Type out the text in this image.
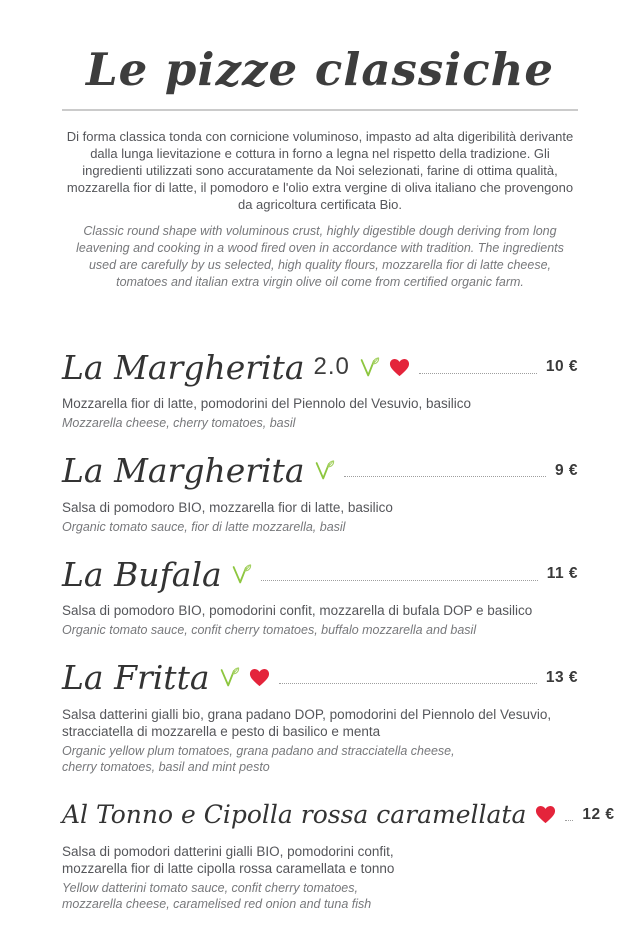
Le pizze classiche

Di forma classica tonda con cornicione voluminoso, impasto ad alta digeribilità derivante dalla lunga lievitazione e cottura in forno a legna nel rispetto della tradizione. Gli ingredienti utilizzati sono accuratamente da Noi selezionati, farine di ottima qualità, mozzarella fior di latte, il pomodoro e l'olio extra vergine di oliva italiano che provengono da agricoltura certificata Bio.

Classic round shape with voluminous crust, highly digestible dough deriving from long leavening and cooking in a wood fired oven in accordance with tradition. The ingredients used are carefully by us selected, high quality flours, mozzarella fior di latte cheese, tomatoes and italian extra virgin olive oil come from certified organic farm.

La Margherita 2.0	10 €
Mozzarella fior di latte, pomodorini del Piennolo del Vesuvio, basilico
Mozzarella cheese, cherry tomatoes, basil
La Margherita	9 €
Salsa di pomodoro BIO, mozzarella fior di latte, basilico
Organic tomato sauce, fior di latte mozzarella, basil
La Bufala	11 €
Salsa di pomodoro BIO, pomodorini confit, mozzarella di bufala DOP e basilico
Organic tomato sauce, confit cherry tomatoes, buffalo mozzarella and basil
La Fritta	13 €
Salsa datterini gialli bio, grana padano DOP, pomodorini del Piennolo del Vesuvio,
stracciatella di mozzarella e pesto di basilico e menta
Organic yellow plum tomatoes, grana padano and stracciatella cheese,
cherry tomatoes, basil and mint pesto
Al Tonno e Cipolla rossa caramellata	12 €
Salsa di pomodori datterini gialli BIO, pomodorini confit,
mozzarella fior di latte cipolla rossa caramellata e tonno
Yellow datterini tomato sauce, confit cherry tomatoes,
mozzarella cheese, caramelised red onion and tuna fish
